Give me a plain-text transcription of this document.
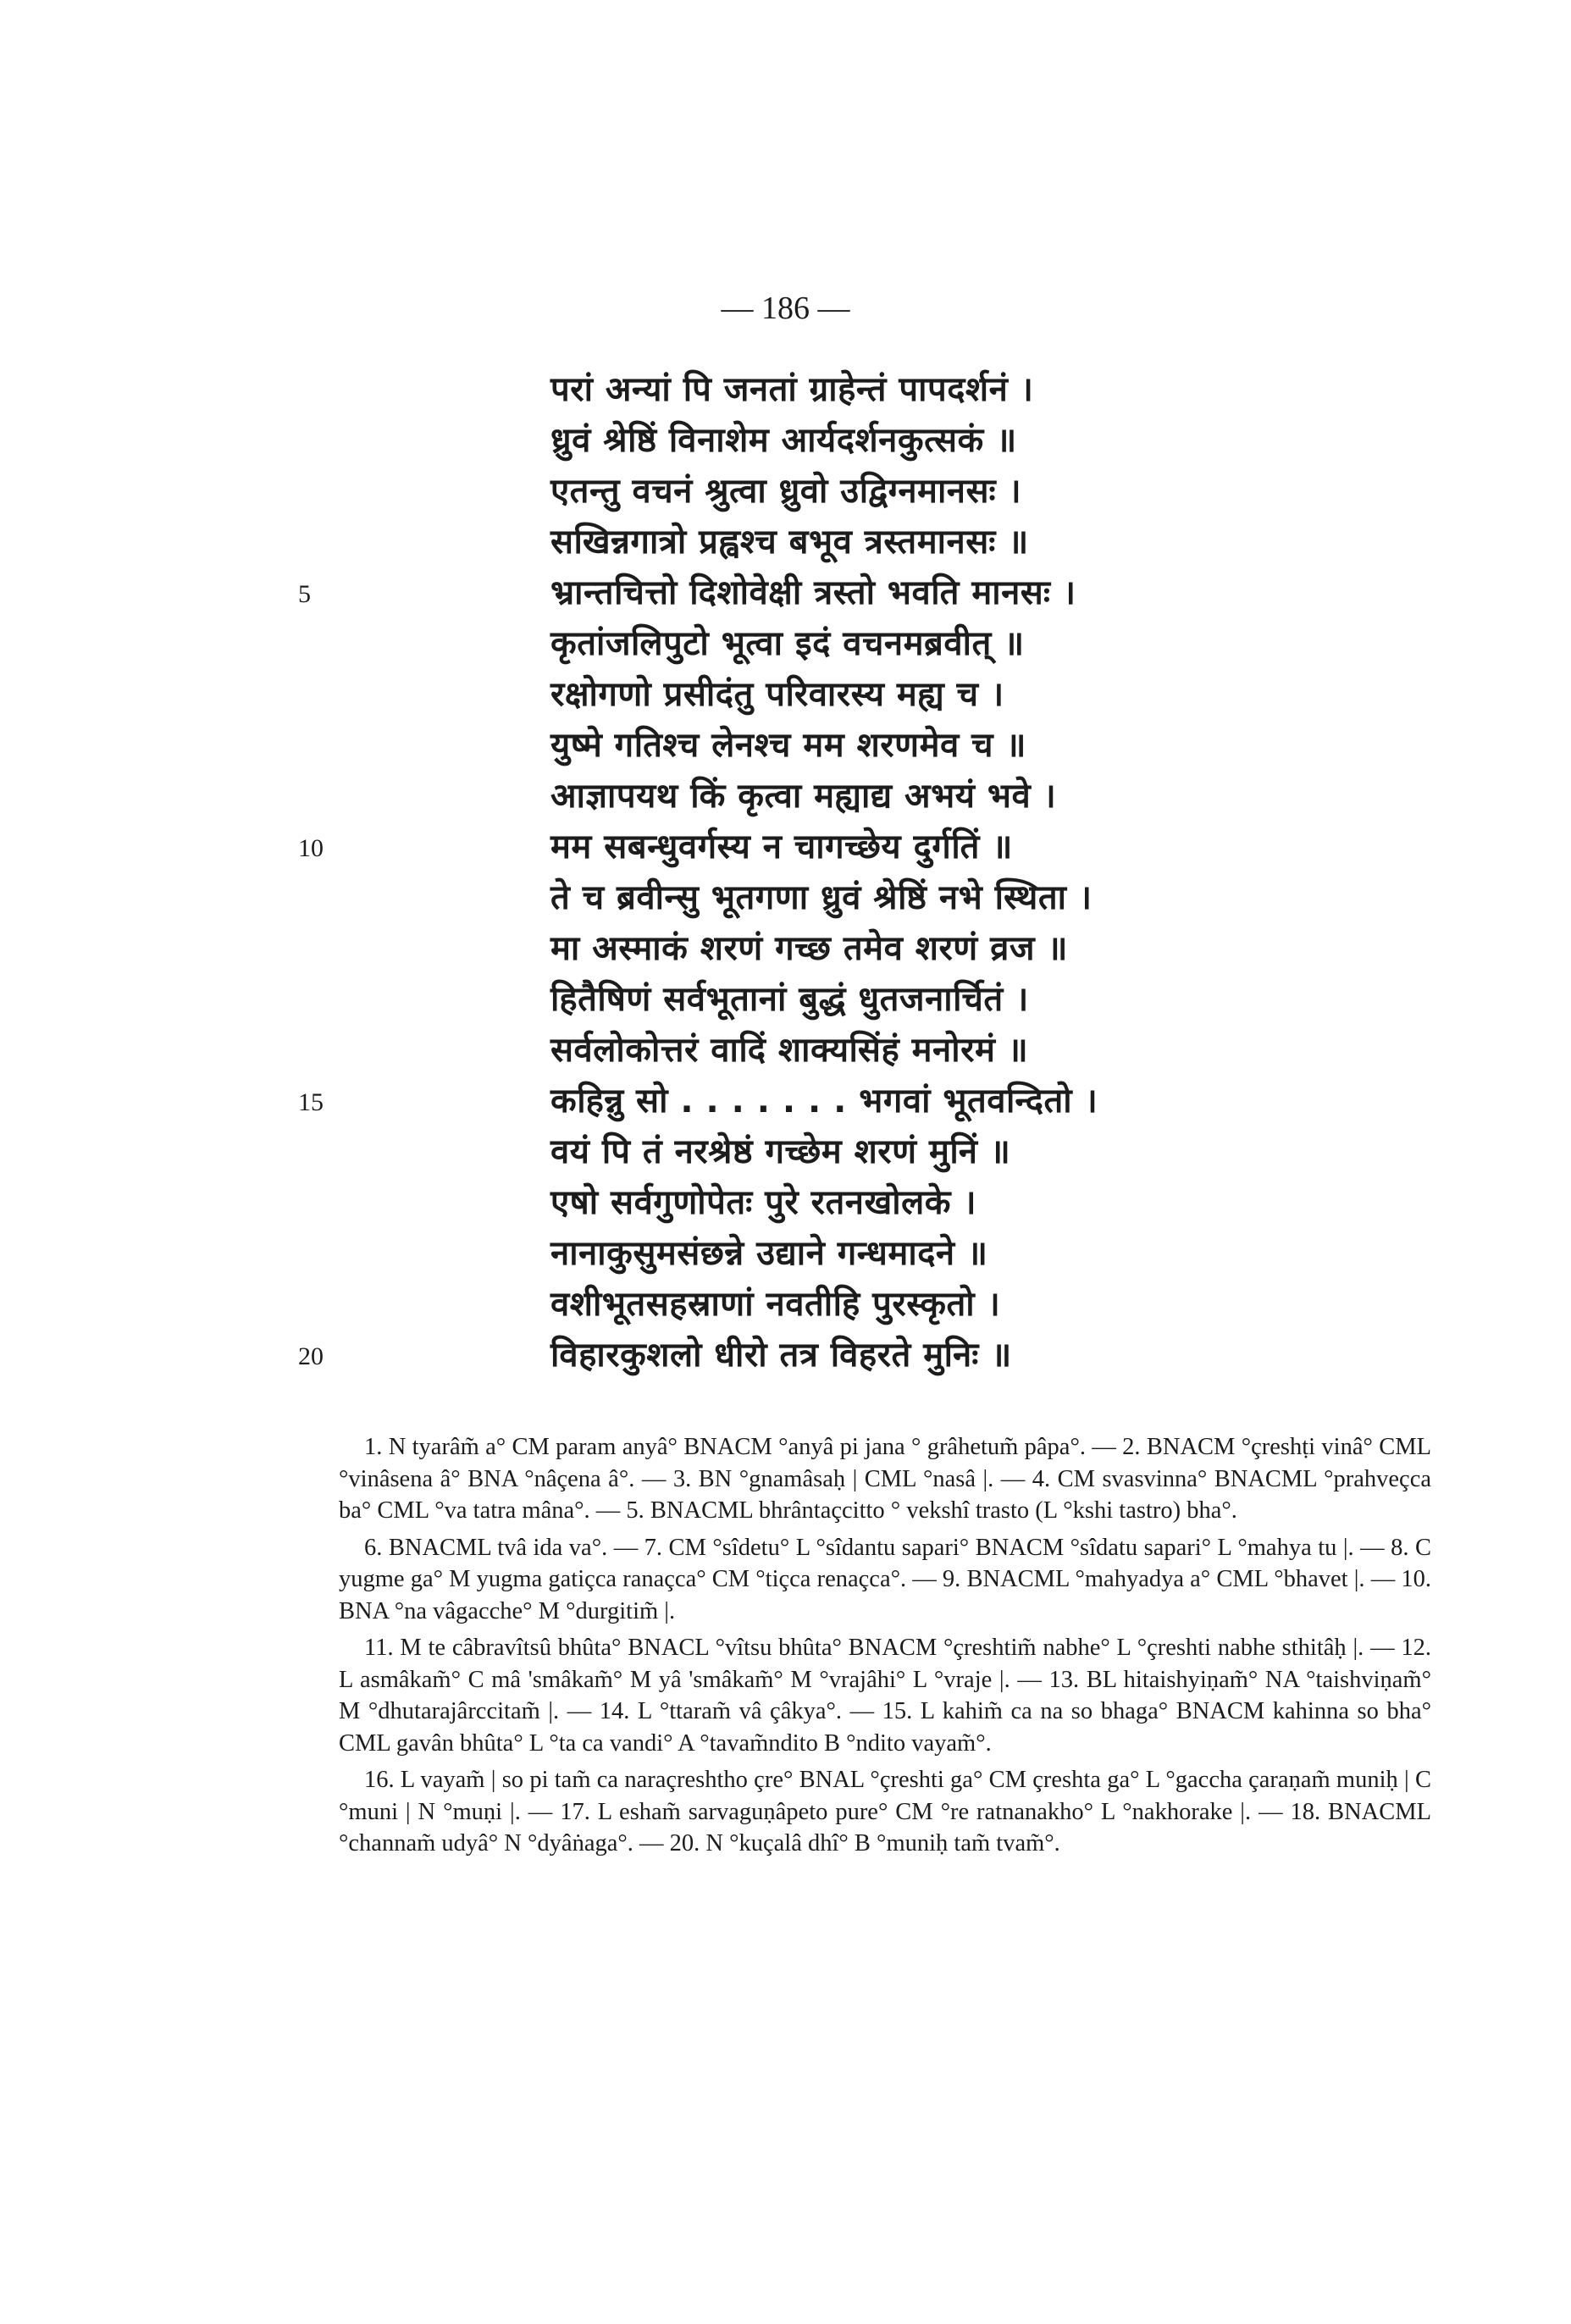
— 186 —
परां अन्यां पि जनतां ग्राहेन्तं पापदर्शनं ।
ध्रुवं श्रेष्ठिं विनाशेम आर्यदर्शनकुत्सकं ॥
एतन्तु वचनं श्रुत्वा ध्रुवो उद्विग्नमानसः ।
सखिन्नगात्रो प्रह्वश्च बभूव त्रस्तमानसः ॥
5	भ्रान्तचित्तो दिशोवेक्षी त्रस्तो भवति मानसः ।
कृतांजलिपुटो भूत्वा इदं वचनमब्रवीत् ॥
रक्षोगणो प्रसीदंतु परिवारस्य मह्य च ।
युष्मे गतिश्च लेनश्च मम शरणमेव च ॥
आज्ञापयथ किं कृत्वा मह्याद्य अभयं भवे ।
10	मम सबन्धुवर्गस्य न चागच्छेय दुर्गतिं ॥
ते च ब्रवीन्सु भूतगणा ध्रुवं श्रेष्ठिं नभे स्थिता ।
मा अस्माकं शरणं गच्छ तमेव शरणं व्रज ॥
हितैषिणं सर्वभूतानां बुद्धं धुतजनार्चितं ।
सर्वलोकोत्तरं वादिं शाक्यसिंहं मनोरमं ॥
15	कहिन्नु सो . . . . . . . भगवां भूतवन्दितो ।
वयं पि तं नरश्रेष्ठं गच्छेम शरणं मुनिं ॥
एषो सर्वगुणोपेतः पुरे रतनखोलके ।
नानाकुसुमसंछन्ने उद्याने गन्धमादने ॥
वशीभूतसहस्राणां नवतीहि पुरस्कृतो ।
20	विहारकुशलो धीरो तत्र विहरते मुनिः ॥

1. N tyarâm̃ a° CM param anyâ° BNACM °anyâ pi jana ° grâhetum̃ pâpa°. — 2. BNACM °çreshṭi vinâ° CML °vinâsena â° BNA °nâçena â°. — 3. BN °gnamâsaḥ | CML °nasâ |. — 4. CM svasvinna° BNACML °prahveçca ba° CML °va tatra mâna°. — 5. BNACML bhrântaçcitto ° vekshî trasto (L °kshi tastro) bha°.

6. BNACML tvâ ida va°. — 7. CM °sîdetu° L °sîdantu sapari° BNACM °sîdatu sapari° L °mahya tu |. — 8. C yugme ga° M yugma gatiçca ranaçca° CM °tiçca renaçca°. — 9. BNACML °mahyadya a° CML °bhavet |. — 10. BNA °na vâgacche° M °durgitim̃ |.

11. M te câbravîtsû bhûta° BNACL °vîtsu bhûta° BNACM °çreshtim̃ nabhe° L °çreshti nabhe sthitâḥ |. — 12. L asmâkam̃° C mâ 'smâkam̃° M yâ 'smâkam̃° M °vrajâhi° L °vraje |. — 13. BL hitaishyiṇam̃° NA °taishviṇam̃° M °dhutarajârccitam̃ |. — 14. L °ttaram̃ vâ çâkya°. — 15. L kahim̃ ca na so bhaga° BNACM kahinna so bha° CML gavân bhûta° L °ta ca vandi° A °tavam̃ndito B °ndito vayam̃°.

16. L vayam̃ | so pi tam̃ ca naraçreshtho çre° BNAL °çreshti ga° CM çreshta ga° L °gaccha çaraṇam̃ muniḥ | C °muni | N °muṇi |. — 17. L esham̃ sarvaguṇâpeto pure° CM °re ratnanakho° L °nakhorake |. — 18. BNACML °channam̃ udyâ° N °dyâṅaga°. — 20. N °kuçalâ dhî° B °muniḥ tam̃ tvam̃°.
